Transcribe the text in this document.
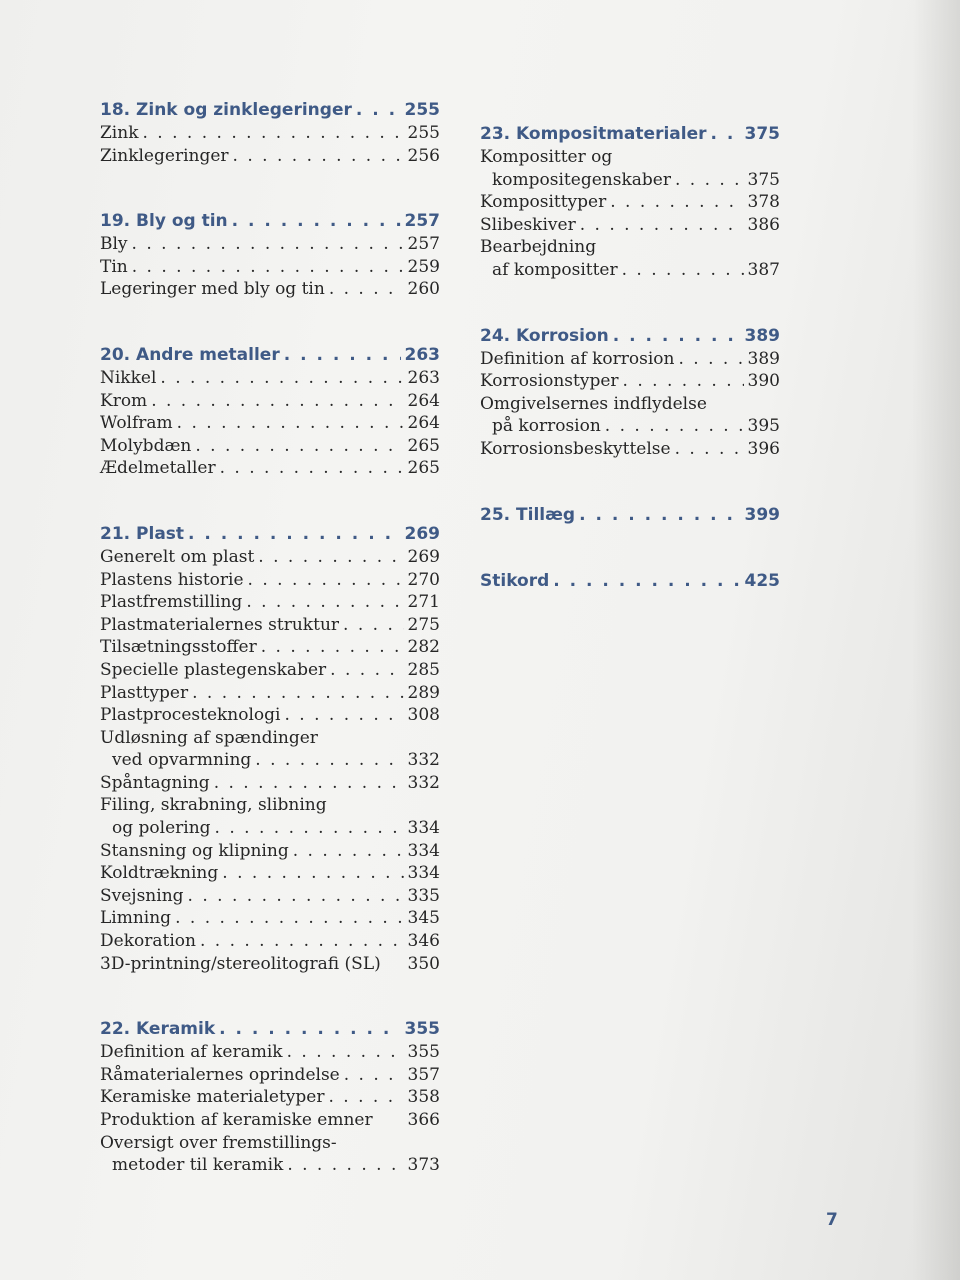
18. Zink og zinklegeringer . . .	255
Zink . . .	255
Zinklegeringer . . .	256
19. Bly og tin . . .	257
Bly . . .	257
Tin . . .	259
Legeringer med bly og tin . . .	260
20. Andre metaller . . .	263
Nikkel . . .	263
Krom . . .	264
Wolfram . . .	264
Molybdæn . . .	265
Ædelmetaller . . .	265
21. Plast . . .	269
Generelt om plast . . .	269
Plastens historie . . .	270
Plastfremstilling . . .	271
Plastmaterialernes struktur . . .	275
Tilsætningsstoffer . . .	282
Specielle plastegenskaber . . .	285
Plasttyper . . .	289
Plastprocesteknologi . . .	308
Udløsning af spændinger
ved opvarmning . . .	332
Spåntagning . . .	332
Filing, skrabning, slibning
og polering . . .	334
Stansning og klipning . . .	334
Koldtrækning . . .	334
Svejsning . . .	335
Limning . . .	345
Dekoration . . .	346
3D-printning/stereolitografi (SL) 350
22. Keramik . . .	355
Definition af keramik . . .	355
Råmaterialernes oprindelse . . .	357
Keramiske materialetyper . . .	358
Produktion af keramiske emner 366
Oversigt over fremstillings-
metoder til keramik . . .	373
23. Kompositmaterialer . . . 375
Kompositter og
kompositegenskaber . . .	375
Komposittyper . . .	378
Slibeskiver . . .	386
Bearbejdning
af kompositter . . .	387
24. Korrosion . . .	389
Definition af korrosion . . .	389
Korrosionstyper . . .	390
Omgivelsernes indflydelse
på korrosion . . .	395
Korrosionsbeskyttelse . . .	396
25. Tillæg . . .	399
Stikord . . .	425
7
